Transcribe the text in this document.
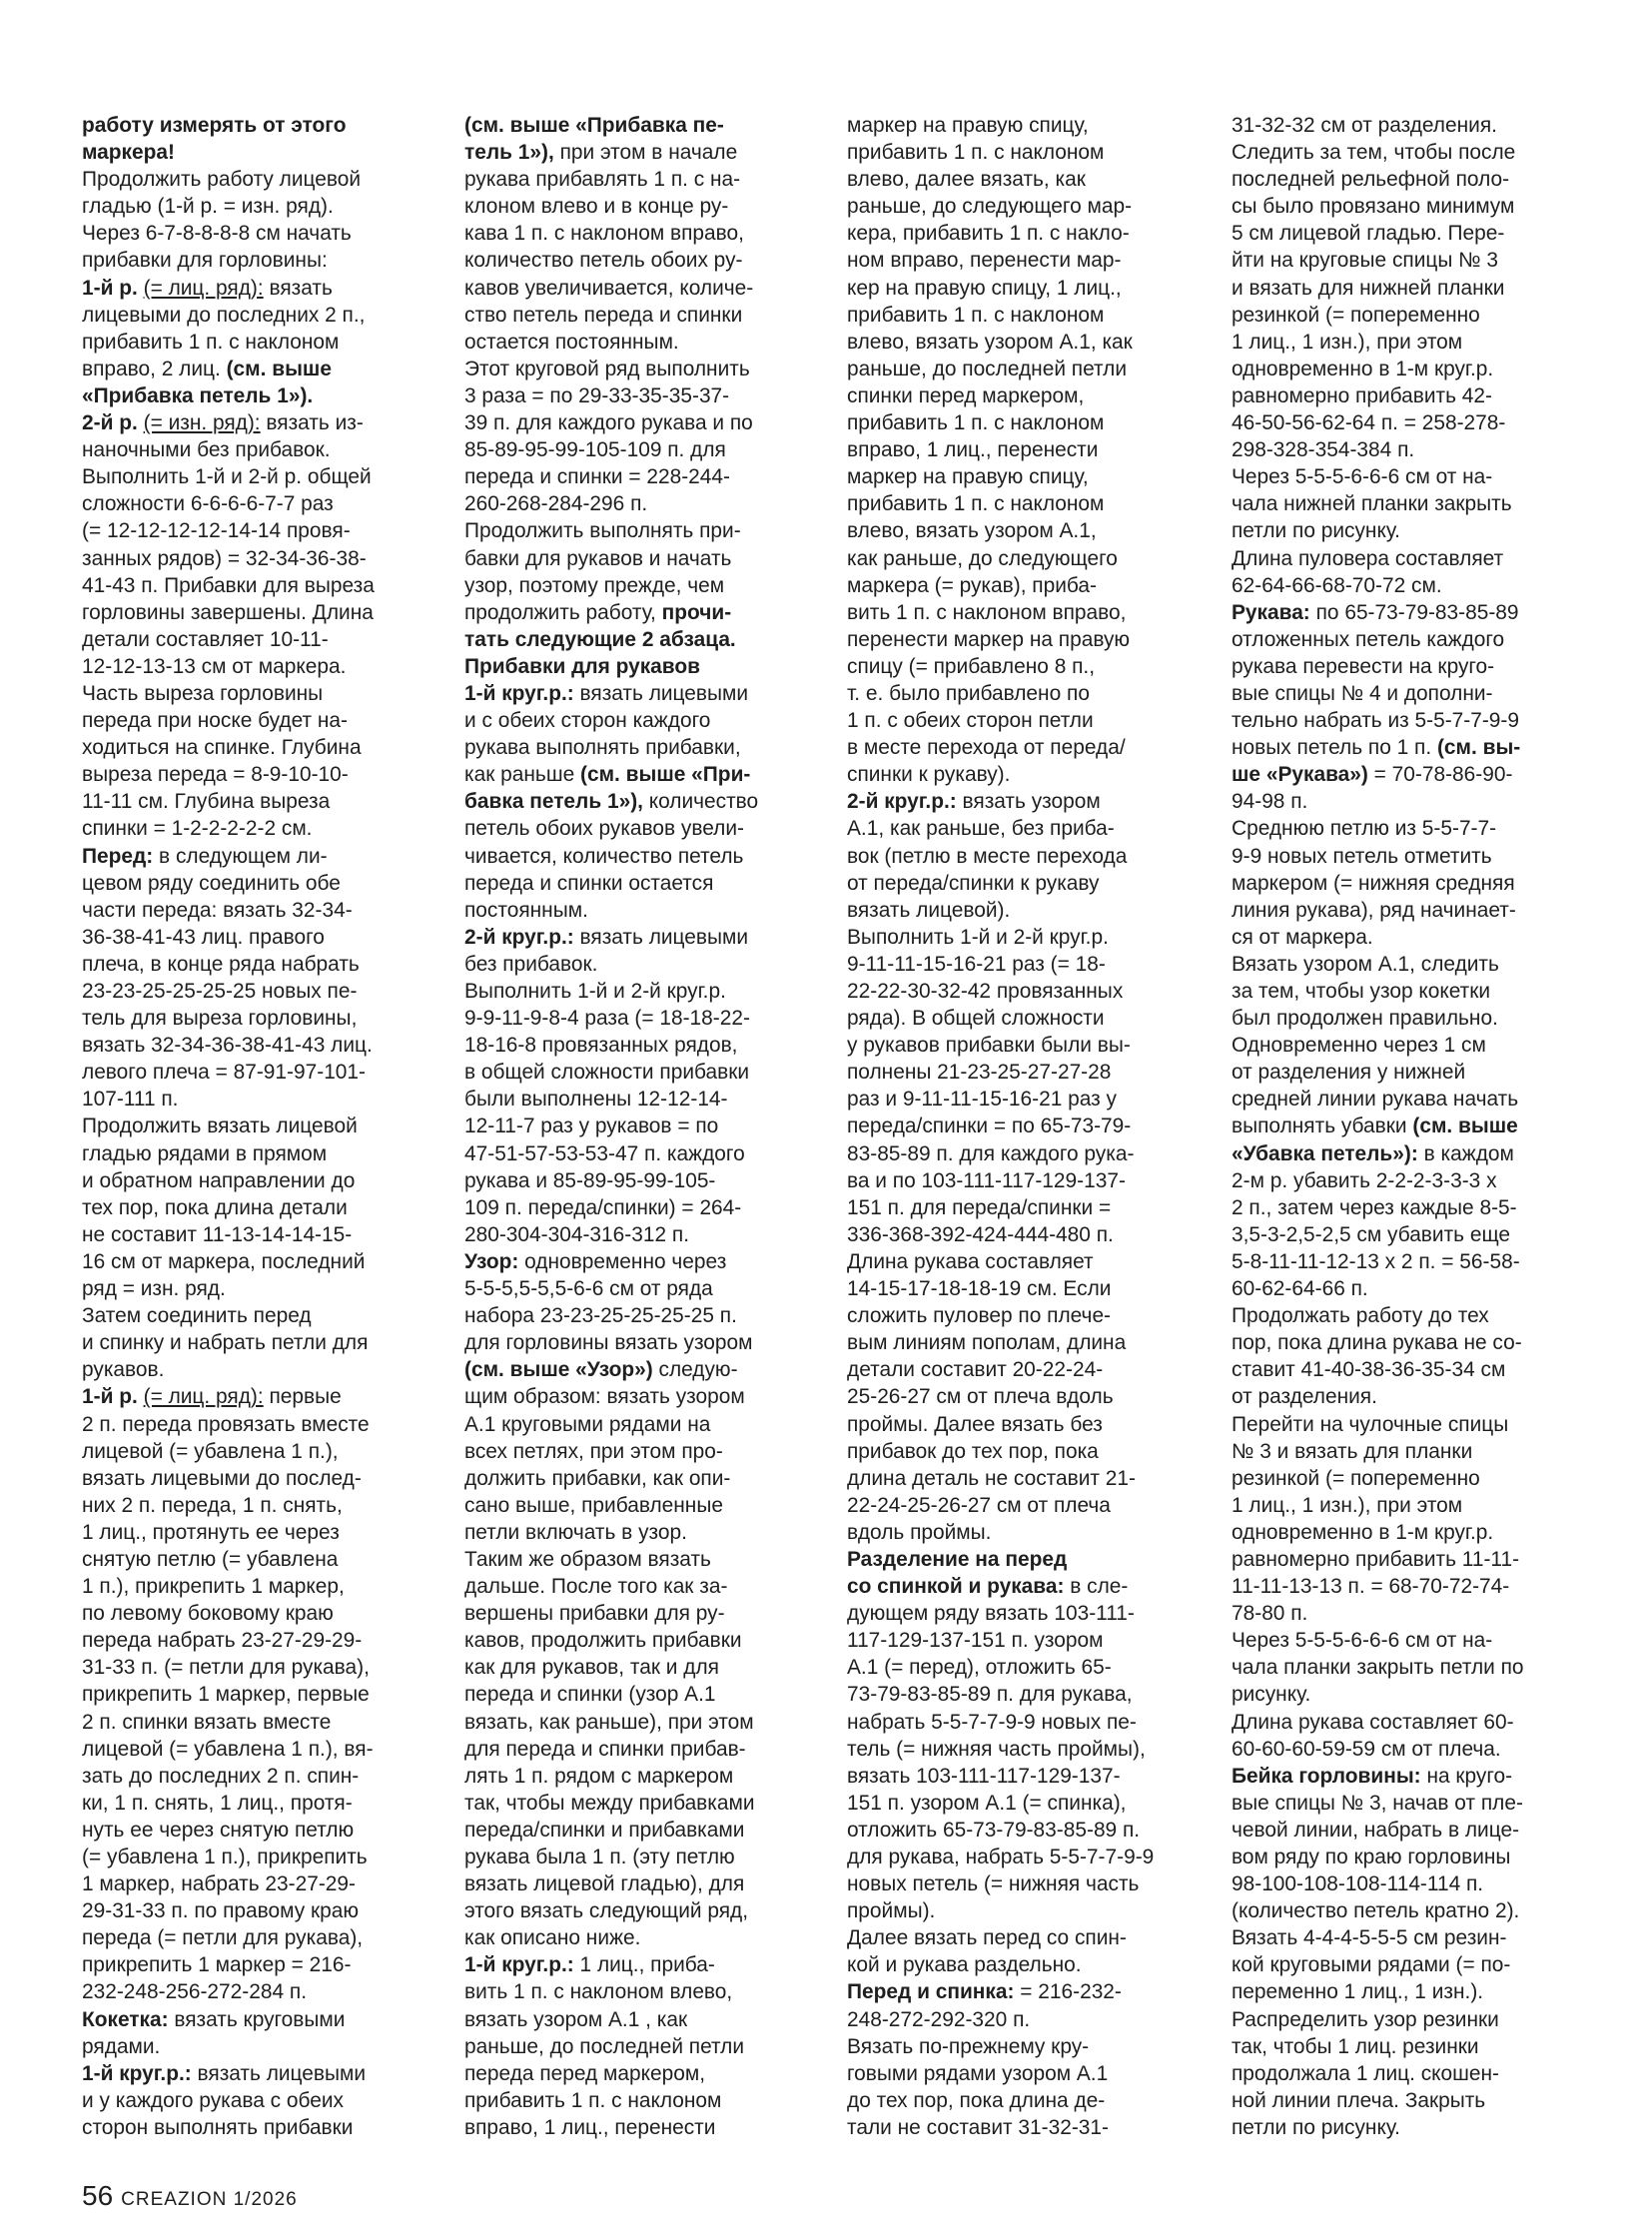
работу измерять от этого
маркера!
Продолжить работу лицевой
гладью (1-й р. = изн. ряд).
Через 6-7-8-8-8-8 см начать
прибавки для горловины:
1-й р. (= лиц. ряд): вязать
лицевыми до последних 2 п.,
прибавить 1 п. с наклоном
вправо, 2 лиц. (см. выше
«Прибавка петель 1»).
2-й р. (= изн. ряд): вязать из-
наночными без прибавок.
Выполнить 1-й и 2-й р. общей
сложности 6-6-6-6-7-7 раз
(= 12-12-12-12-14-14 провя-
занных рядов) = 32-34-36-38-
41-43 п. Прибавки для выреза
горловины завершены. Длина
детали составляет 10-11-
12-12-13-13 см от маркера.
Часть выреза горловины
переда при носке будет на-
ходиться на спинке. Глубина
выреза переда = 8-9-10-10-
11-11 см. Глубина выреза
спинки = 1-2-2-2-2-2 см.
Перед: в следующем ли-
цевом ряду соединить обе
части переда: вязать 32-34-
36-38-41-43 лиц. правого
плеча, в конце ряда набрать
23-23-25-25-25-25 новых пе-
тель для выреза горловины,
вязать 32-34-36-38-41-43 лиц.
левого плеча = 87-91-97-101-
107-111 п.
Продолжить вязать лицевой
гладью рядами в прямом
и обратном направлении до
тех пор, пока длина детали
не составит 11-13-14-14-15-
16 см от маркера, последний
ряд = изн. ряд.
Затем соединить перед
и спинку и набрать петли для
рукавов.
1-й р. (= лиц. ряд): первые
2 п. переда провязать вместе
лицевой (= убавлена 1 п.),
вязать лицевыми до послед-
них 2 п. переда, 1 п. снять,
1 лиц., протянуть ее через
снятую петлю (= убавлена
1 п.), прикрепить 1 маркер,
по левому боковому краю
переда набрать 23-27-29-29-
31-33 п. (= петли для рукава),
прикрепить 1 маркер, первые
2 п. спинки вязать вместе
лицевой (= убавлена 1 п.), вя-
зать до последних 2 п. спин-
ки, 1 п. снять, 1 лиц., протя-
нуть ее через снятую петлю
(= убавлена 1 п.), прикрепить
1 маркер, набрать 23-27-29-
29-31-33 п. по правому краю
переда (= петли для рукава),
прикрепить 1 маркер = 216-
232-248-256-272-284 п.
Кокетка: вязать круговыми
рядами.
1-й круг.р.: вязать лицевыми
и у каждого рукава с обеих
сторон выполнять прибавки
(см. выше «Прибавка пе-
тель 1»), при этом в начале
рукава прибавлять 1 п. с на-
клоном влево и в конце ру-
кава 1 п. с наклоном вправо,
количество петель обоих ру-
кавов увеличивается, количе-
ство петель переда и спинки
остается постоянным.
Этот круговой ряд выполнить
3 раза = по 29-33-35-35-37-
39 п. для каждого рукава и по
85-89-95-99-105-109 п. для
переда и спинки = 228-244-
260-268-284-296 п.
Продолжить выполнять при-
бавки для рукавов и начать
узор, поэтому прежде, чем
продолжить работу, прочи-
тать следующие 2 абзаца.
Прибавки для рукавов
1-й круг.р.: вязать лицевыми
и с обеих сторон каждого
рукава выполнять прибавки,
как раньше (см. выше «При-
бавка петель 1»), количество
петель обоих рукавов увели-
чивается, количество петель
переда и спинки остается
постоянным.
2-й круг.р.: вязать лицевыми
без прибавок.
Выполнить 1-й и 2-й круг.р.
9-9-11-9-8-4 раза (= 18-18-22-
18-16-8 провязанных рядов,
в общей сложности прибавки
были выполнены 12-12-14-
12-11-7 раз у рукавов = по
47-51-57-53-53-47 п. каждого
рукава и 85-89-95-99-105-
109 п. переда/спинки) = 264-
280-304-304-316-312 п.
Узор: одновременно через
5-5-5,5-5,5-6-6 см от ряда
набора 23-23-25-25-25-25 п.
для горловины вязать узором
(см. выше «Узор») следую-
щим образом: вязать узором
А.1 круговыми рядами на
всех петлях, при этом про-
должить прибавки, как опи-
сано выше, прибавленные
петли включать в узор.
Таким же образом вязать
дальше. После того как за-
вершены прибавки для ру-
кавов, продолжить прибавки
как для рукавов, так и для
переда и спинки (узор А.1
вязать, как раньше), при этом
для переда и спинки прибав-
лять 1 п. рядом с маркером
так, чтобы между прибавками
переда/спинки и прибавками
рукава была 1 п. (эту петлю
вязать лицевой гладью), для
этого вязать следующий ряд,
как описано ниже.
1-й круг.р.: 1 лиц., приба-
вить 1 п. с наклоном влево,
вязать узором А.1 , как
раньше, до последней петли
переда перед маркером,
прибавить 1 п. с наклоном
вправо, 1 лиц., перенести
маркер на правую спицу,
прибавить 1 п. с наклоном
влево, далее вязать, как
раньше, до следующего мар-
кера, прибавить 1 п. с накло-
ном вправо, перенести мар-
кер на правую спицу, 1 лиц.,
прибавить 1 п. с наклоном
влево, вязать узором А.1, как
раньше, до последней петли
спинки перед маркером,
прибавить 1 п. с наклоном
вправо, 1 лиц., перенести
маркер на правую спицу,
прибавить 1 п. с наклоном
влево, вязать узором А.1,
как раньше, до следующего
маркера (= рукав), приба-
вить 1 п. с наклоном вправо,
перенести маркер на правую
спицу (= прибавлено 8 п.,
т. е. было прибавлено по
1 п. с обеих сторон петли
в месте перехода от переда/
спинки к рукаву).
2-й круг.р.: вязать узором
А.1, как раньше, без приба-
вок (петлю в месте перехода
от переда/спинки к рукаву
вязать лицевой).
Выполнить 1-й и 2-й круг.р.
9-11-11-15-16-21 раз (= 18-
22-22-30-32-42 провязанных
ряда). В общей сложности
у рукавов прибавки были вы-
полнены 21-23-25-27-27-28
раз и 9-11-11-15-16-21 раз у
переда/спинки = по 65-73-79-
83-85-89 п. для каждого рука-
ва и по 103-111-117-129-137-
151 п. для переда/спинки =
336-368-392-424-444-480 п.
Длина рукава составляет
14-15-17-18-18-19 см. Если
сложить пуловер по плече-
вым линиям пополам, длина
детали составит 20-22-24-
25-26-27 см от плеча вдоль
проймы. Далее вязать без
прибавок до тех пор, пока
длина деталь не составит 21-
22-24-25-26-27 см от плеча
вдоль проймы.
Разделение на перед
со спинкой и рукава: в сле-
дующем ряду вязать 103-111-
117-129-137-151 п. узором
А.1 (= перед), отложить 65-
73-79-83-85-89 п. для рукава,
набрать 5-5-7-7-9-9 новых пе-
тель (= нижняя часть проймы),
вязать 103-111-117-129-137-
151 п. узором А.1 (= спинка),
отложить 65-73-79-83-85-89 п.
для рукава, набрать 5-5-7-7-9-9
новых петель (= нижняя часть
проймы).
Далее вязать перед со спин-
кой и рукава раздельно.
Перед и спинка: = 216-232-
248-272-292-320 п.
Вязать по-прежнему кру-
говыми рядами узором А.1
до тех пор, пока длина де-
тали не составит 31-32-31-
31-32-32 см от разделения.
Следить за тем, чтобы после
последней рельефной поло-
сы было провязано минимум
5 см лицевой гладью. Пере-
йти на круговые спицы № 3
и вязать для нижней планки
резинкой (= попеременно
1 лиц., 1 изн.), при этом
одновременно в 1-м круг.р.
равномерно прибавить 42-
46-50-56-62-64 п. = 258-278-
298-328-354-384 п.
Через 5-5-5-6-6-6 см от на-
чала нижней планки закрыть
петли по рисунку.
Длина пуловера составляет
62-64-66-68-70-72 см.
Рукава: по 65-73-79-83-85-89
отложенных петель каждого
рукава перевести на круго-
вые спицы № 4 и дополни-
тельно набрать из 5-5-7-7-9-9
новых петель по 1 п. (см. вы-
ше «Рукава») = 70-78-86-90-
94-98 п.
Среднюю петлю из 5-5-7-7-
9-9 новых петель отметить
маркером (= нижняя средняя
линия рукава), ряд начинает-
ся от маркера.
Вязать узором А.1, следить
за тем, чтобы узор кокетки
был продолжен правильно.
Одновременно через 1 см
от разделения у нижней
средней линии рукава начать
выполнять убавки (см. выше
«Убавка петель»): в каждом
2-м р. убавить 2-2-2-3-3-3 х
2 п., затем через каждые 8-5-
3,5-3-2,5-2,5 см убавить еще
5-8-11-11-12-13 х 2 п. = 56-58-
60-62-64-66 п.
Продолжать работу до тех
пор, пока длина рукава не со-
ставит 41-40-38-36-35-34 см
от разделения.
Перейти на чулочные спицы
№ 3 и вязать для планки
резинкой (= попеременно
1 лиц., 1 изн.), при этом
одновременно в 1-м круг.р.
равномерно прибавить 11-11-
11-11-13-13 п. = 68-70-72-74-
78-80 п.
Через 5-5-5-6-6-6 см от на-
чала планки закрыть петли по
рисунку.
Длина рукава составляет 60-
60-60-60-59-59 см от плеча.
Бейка горловины: на круго-
вые спицы № 3, начав от пле-
чевой линии, набрать в лице-
вом ряду по краю горловины
98-100-108-108-114-114 п.
(количество петель кратно 2).
Вязать 4-4-4-5-5-5 см резин-
кой круговыми рядами (= по-
переменно 1 лиц., 1 изн.).
Распределить узор резинки
так, чтобы 1 лиц. резинки
продолжала 1 лиц. скошен-
ной линии плеча. Закрыть
петли по рисунку.
56 CREAZION 1/2026
